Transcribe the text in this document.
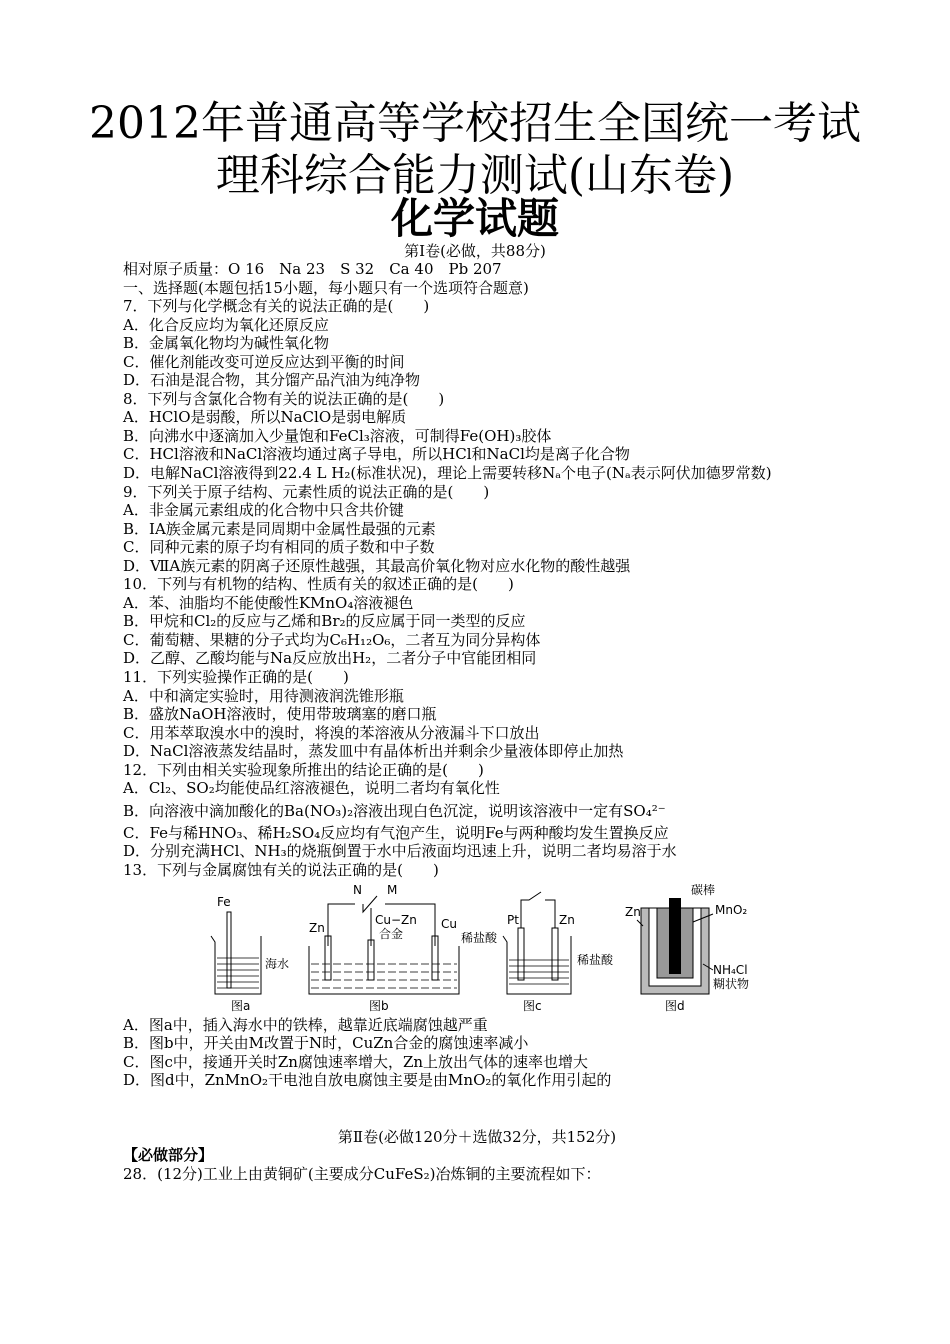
2012年普通高等学校招生全国统一考试
理科综合能力测试(山东卷)
化学试题
第Ⅰ卷(必做，共88分)
相对原子质量：O 16　Na 23　S 32　Ca 40　Pb 207
一、选择题(本题包括15小题，每小题只有一个选项符合题意)
7．下列与化学概念有关的说法正确的是(　　)
A．化合反应均为氧化还原反应
B．金属氧化物均为碱性氧化物
C．催化剂能改变可逆反应达到平衡的时间
D．石油是混合物，其分馏产品汽油为纯净物
8．下列与含氯化合物有关的说法正确的是(　　)
A．HClO是弱酸，所以NaClO是弱电解质
B．向沸水中逐滴加入少量饱和FeCl₃溶液，可制得Fe(OH)₃胶体
C．HCl溶液和NaCl溶液均通过离子导电，所以HCl和NaCl均是离子化合物
D．电解NaCl溶液得到22.4 L H₂(标准状况)，理论上需要转移Nₐ个电子(Nₐ表示阿伏加德罗常数)
9．下列关于原子结构、元素性质的说法正确的是(　　)
A．非金属元素组成的化合物中只含共价键
B．ⅠA族金属元素是同周期中金属性最强的元素
C．同种元素的原子均有相同的质子数和中子数
D．ⅦA族元素的阴离子还原性越强，其最高价氧化物对应水化物的酸性越强
10．下列与有机物的结构、性质有关的叙述正确的是(　　)
A．苯、油脂均不能使酸性KMnO₄溶液褪色
B．甲烷和Cl₂的反应与乙烯和Br₂的反应属于同一类型的反应
C．葡萄糖、果糖的分子式均为C₆H₁₂O₆，二者互为同分异构体
D．乙醇、乙酸均能与Na反应放出H₂，二者分子中官能团相同
11．下列实验操作正确的是(　　)
A．中和滴定实验时，用待测液润洗锥形瓶
B．盛放NaOH溶液时，使用带玻璃塞的磨口瓶
C．用苯萃取溴水中的溴时，将溴的苯溶液从分液漏斗下口放出
D．NaCl溶液蒸发结晶时，蒸发皿中有晶体析出并剩余少量液体即停止加热
12．下列由相关实验现象所推出的结论正确的是(　　)
A．Cl₂、SO₂均能使品红溶液褪色，说明二者均有氧化性
B．向溶液中滴加酸化的Ba(NO₃)₂溶液出现白色沉淀，说明该溶液中一定有SO₄²⁻
C．Fe与稀HNO₃、稀H₂SO₄反应均有气泡产生，说明Fe与两种酸均发生置换反应
D．分别充满HCl、NH₃的烧瓶倒置于水中后液面均迅速上升，说明二者均易溶于水
13．下列与金属腐蚀有关的说法正确的是(　　)
Fe
海水
图a
N M
Zn
Cu−Zn
合金
Cu
稀盐酸
图b
Pt	Zn
稀盐酸
图c
碳棒
Zn	MnO₂
NH₄Cl
糊状物
图d
A．图a中，插入海水中的铁棒，越靠近底端腐蚀越严重
B．图b中，开关由M改置于N时，CuZn合金的腐蚀速率减小
C．图c中，接通开关时Zn腐蚀速率增大，Zn上放出气体的速率也增大
D．图d中，ZnMnO₂干电池自放电腐蚀主要是由MnO₂的氧化作用引起的
第Ⅱ卷(必做120分＋选做32分，共152分)
【必做部分】
28．(12分)工业上由黄铜矿(主要成分CuFeS₂)冶炼铜的主要流程如下：
